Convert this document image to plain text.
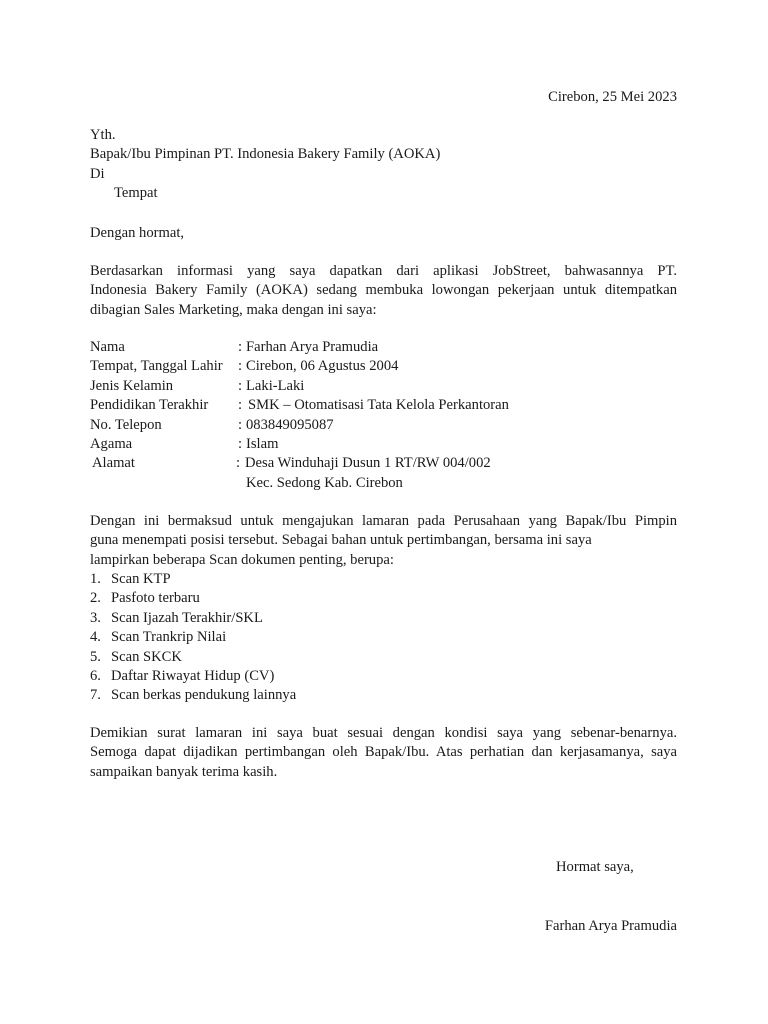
Cirebon, 25 Mei 2023
Yth.
Bapak/Ibu Pimpinan PT. Indonesia Bakery Family (AOKA)
Di
Tempat
Dengan hormat,
Berdasarkan informasi yang saya dapatkan dari aplikasi JobStreet, bahwasannya PT.
Indonesia Bakery Family (AOKA) sedang membuka lowongan pekerjaan untuk ditempatkan
dibagian Sales Marketing, maka dengan ini saya:
Nama	: Farhan Arya Pramudia
Tempat, Tanggal Lahir : Cirebon, 06 Agustus 2004
Jenis Kelamin	: Laki-Laki
Pendidikan Terakhir : SMK – Otomatisasi Tata Kelola Perkantoran
No. Telepon	: 083849095087
Agama	: Islam
Alamat	: Desa Winduhaji Dusun 1 RT/RW 004/002
Kec. Sedong Kab. Cirebon
Dengan ini bermaksud untuk mengajukan lamaran pada Perusahaan yang Bapak/Ibu Pimpin
guna menempati posisi tersebut. Sebagai bahan untuk pertimbangan, bersama ini saya
lampirkan beberapa Scan dokumen penting, berupa:
1. Scan KTP
2. Pasfoto terbaru
3. Scan Ijazah Terakhir/SKL
4. Scan Trankrip Nilai
5. Scan SKCK
6. Daftar Riwayat Hidup (CV)
7. Scan berkas pendukung lainnya
Demikian surat lamaran ini saya buat sesuai dengan kondisi saya yang sebenar-benarnya.
Semoga dapat dijadikan pertimbangan oleh Bapak/Ibu. Atas perhatian dan kerjasamanya, saya
sampaikan banyak terima kasih.
Hormat saya,
Farhan Arya Pramudia
